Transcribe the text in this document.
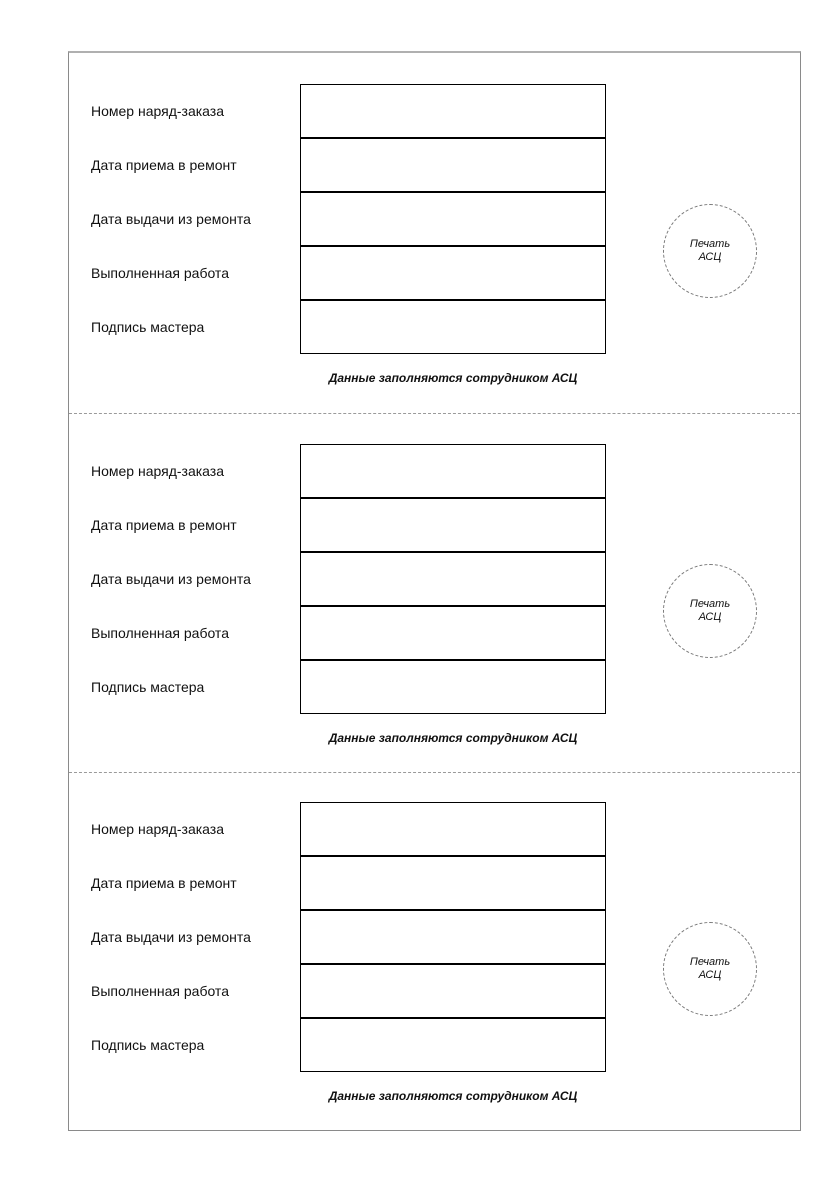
Номер наряд-заказа
Дата приема в ремонт
Дата выдачи из ремонта
Выполненная работа
Подпись мастера
Данные заполняются сотрудником АСЦ
Печать
АСЦ
Номер наряд-заказа
Дата приема в ремонт
Дата выдачи из ремонта
Выполненная работа
Подпись мастера
Данные заполняются сотрудником АСЦ
Печать
АСЦ
Номер наряд-заказа
Дата приема в ремонт
Дата выдачи из ремонта
Выполненная работа
Подпись мастера
Данные заполняются сотрудником АСЦ
Печать
АСЦ
